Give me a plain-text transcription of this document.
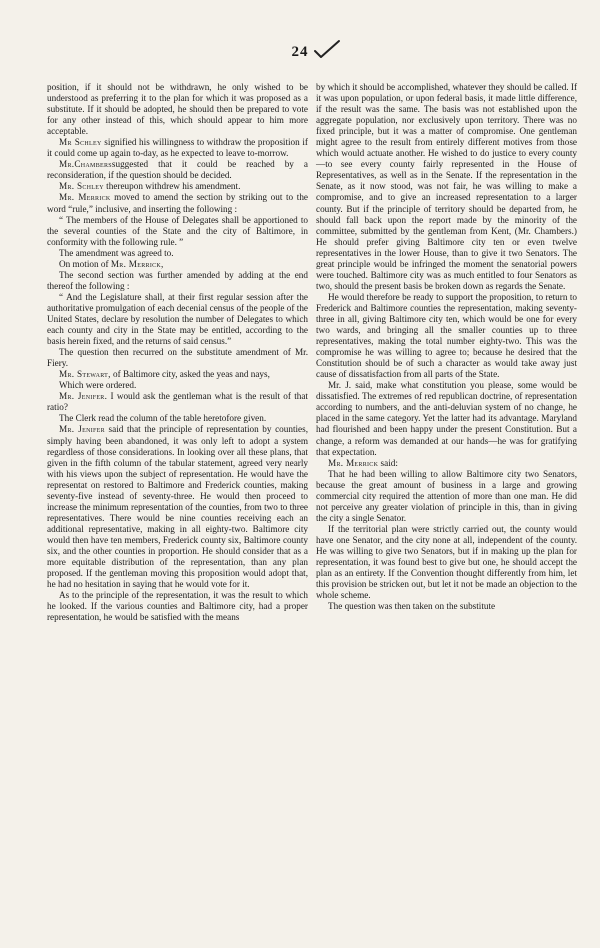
24

position, if it should not be withdrawn, he only wished to be understood as preferring it to the plan for which it was proposed as a substitute. If it should be adopted, he should then be prepared to vote for any other instead of this, which should appear to him more acceptable.

Mr Schley signified his willingness to withdraw the proposition if it could come up again to-day, as he expected to leave to-morrow.

Mr.Chamberssuggested that it could be reached by a reconsideration, if the question should be decided.

Mr. Schley thereupon withdrew his amendment.

Mr. Merrick moved to amend the section by striking out to the word “rule,” inclusive, and inserting the following :

“ The members of the House of Delegates shall be apportioned to the several counties of the State and the city of Baltimore, in conformity with the following rule. ”

The amendment was agreed to.

On motion of Mr. Merrick,

The second section was further amended by adding at the end thereof the following :

“ And the Legislature shall, at their first regular session after the authoritative promulgation of each decenial census of the people of the United States, declare by resolution the number of Delegates to which each county and city in the State may be entitled, according to the basis herein fixed, and the returns of said census.”

The question then recurred on the substitute amendment of Mr. Fiery.

Mr. Stewart, of Baltimore city, asked the yeas and nays,

Which were ordered.

Mr. Jenifer. I would ask the gentleman what is the result of that ratio?

The Clerk read the column of the table heretofore given.

Mr. Jenifer said that the principle of representation by counties, simply having been abandoned, it was only left to adopt a system regardless of those considerations. In looking over all these plans, that given in the fifth column of the tabular statement, agreed very nearly with his views upon the subject of representation. He would have the representat on restored to Baltimore and Frederick counties, making seventy-five instead of seventy-three. He would then proceed to increase the minimum representation of the counties, from two to three representatives. There would be nine counties receiving each an additional representative, making in all eighty-two. Baltimore city would then have ten members, Frederick county six, Baltimore county six, and the other counties in proportion. He should consider that as a more equitable distribution of the representation, than any plan proposed. If the gentleman moving this proposition would adopt that, he had no hesitation in saying that he would vote for it.

As to the principle of the representation, it was the result to which he looked. If the various counties and Baltimore city, had a proper representation, he would be satisfied with the means

by which it should be accomplished, whatever they should be called. If it was upon population, or upon federal basis, it made little difference, if the result was the same. The basis was not established upon the aggregate population, nor exclusively upon territory. There was no fixed principle, but it was a matter of compromise. One gentleman might agree to the result from entirely different motives from those which would actuate another. He wished to do justice to every county—to see every county fairly represented in the House of Representatives, as well as in the Senate. If the representation in the Senate, as it now stood, was not fair, he was willing to make a compromise, and to give an increased representation to a larger county. But if the principle of territory should be departed from, he should fall back upon the report made by the minority of the committee, submitted by the gentleman from Kent, (Mr. Chambers.) He should prefer giving Baltimore city ten or even twelve representatives in the lower House, than to give it two Senators. The great principle would be infringed the moment the senatorial powers were touched. Baltimore city was as much entitled to four Senators as two, should the present basis be broken down as regards the Senate.

He would therefore be ready to support the proposition, to return to Frederick and Baltimore counties the representation, making seventy-three in all, giving Baltimore city ten, which would be one for every two wards, and bringing all the smaller counties up to three representatives, making the total number eighty-two. This was the compromise he was willing to agree to; because he desired that the Constitution should be of such a character as would take away just cause of dissatisfaction from all parts of the State.

Mr. J. said, make what constitution you please, some would be dissatisfied. The extremes of red republican doctrine, of representation according to numbers, and the anti-deluvian system of no change, he placed in the same category. Yet the latter had its advantage. Maryland had flourished and been happy under the present Constitution. But a change, a reform was demanded at our hands—he was for gratifying that expectation.

Mr. Merrick said:

That he had been willing to allow Baltimore city two Senators, because the great amount of business in a large and growing commercial city required the attention of more than one man. He did not perceive any greater violation of principle in this, than in giving the city a single Senator.

If the territorial plan were strictly carried out, the county would have one Senator, and the city none at all, independent of the county. He was willing to give two Senators, but if in making up the plan for representation, it was found best to give but one, he should accept the plan as an entirety. If the Convention thought differently from him, let this provision be stricken out, but let it not be made an objection to the whole scheme.

The question was then taken on the substitute
